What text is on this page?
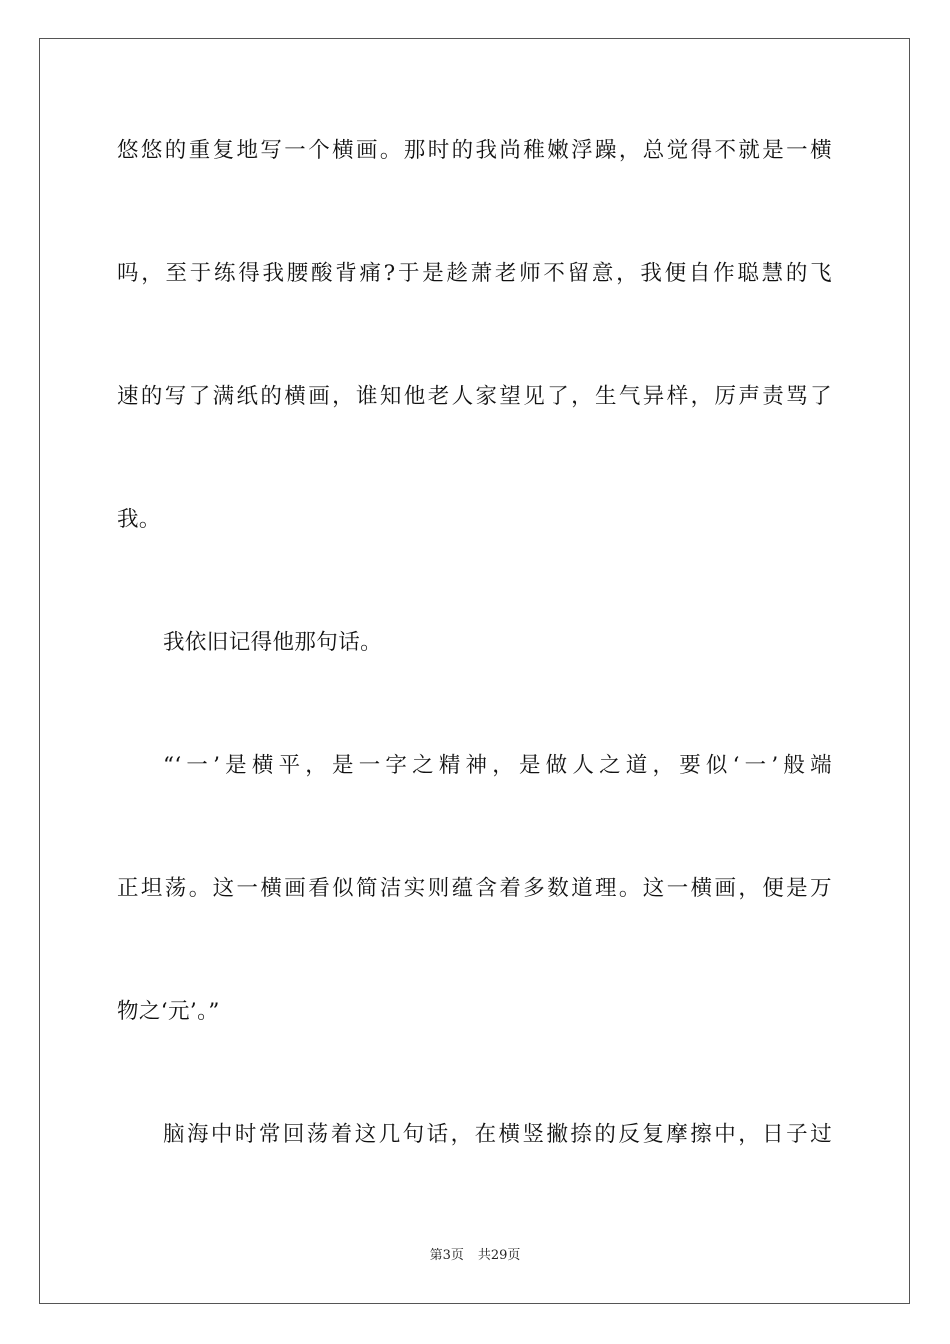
悠悠的重复地写一个横画。那时的我尚稚嫩浮躁，总觉得不就是一横
吗，至于练得我腰酸背痛?于是趁萧老师不留意，我便自作聪慧的飞
速的写了满纸的横画，谁知他老人家望见了，生气异样，厉声责骂了
我。
我依旧记得他那句话。
“‘一’是横平，是一字之精神，是做人之道，要似‘一’般端
正坦荡。这一横画看似简洁实则蕴含着多数道理。这一横画，便是万
物之‘元’。”
脑海中时常回荡着这几句话，在横竖撇捺的反复摩擦中，日子过
第3页 共29页
